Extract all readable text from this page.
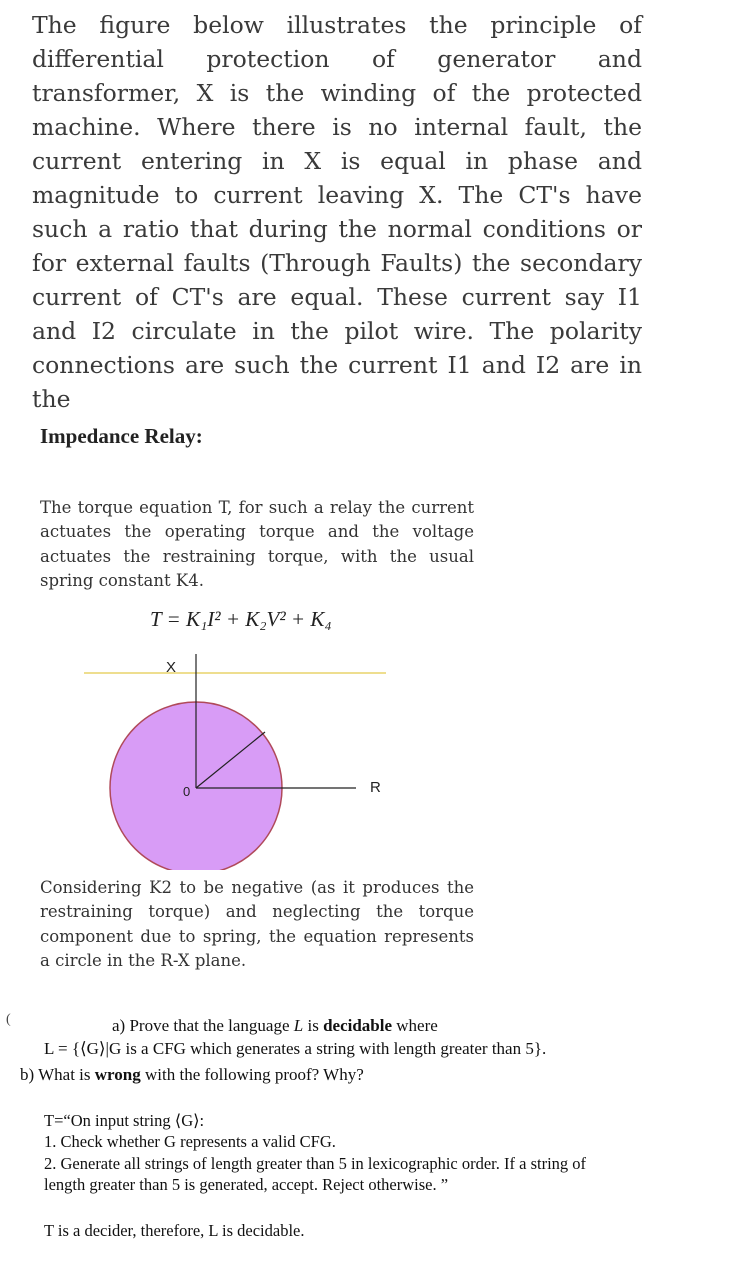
The figure below illustrates the principle of differential protection of generator and transformer, X is the winding of the protected machine. Where there is no internal fault, the current entering in X is equal in phase and magnitude to current leaving X. The CT's have such a ratio that during the normal conditions or for external faults (Through Faults) the secondary current of CT's are equal. These current say I1 and I2 circulate in the pilot wire. The polarity connections are such the current I1 and I2 are in the
Impedance Relay:
The torque equation T, for such a relay the current actuates the operating torque and the voltage actuates the restraining torque, with the usual spring constant K4.
T = K₁I² + K₂V² + K₄
X
R
0
Considering K2 to be negative (as it produces the restraining torque) and neglecting the torque component due to spring, the equation represents a circle in the R-X plane.
(	a) Prove that the language L is decidable where
L = {⟨G⟩|G is a CFG which generates a string with length greater than 5}.
b) What is wrong with the following proof? Why?
T=“On input string ⟨G⟩:
1. Check whether G represents a valid CFG.
2. Generate all strings of length greater than 5 in lexicographic order. If a string of
length greater than 5 is generated, accept. Reject otherwise. ”
T is a decider, therefore, L is decidable.
